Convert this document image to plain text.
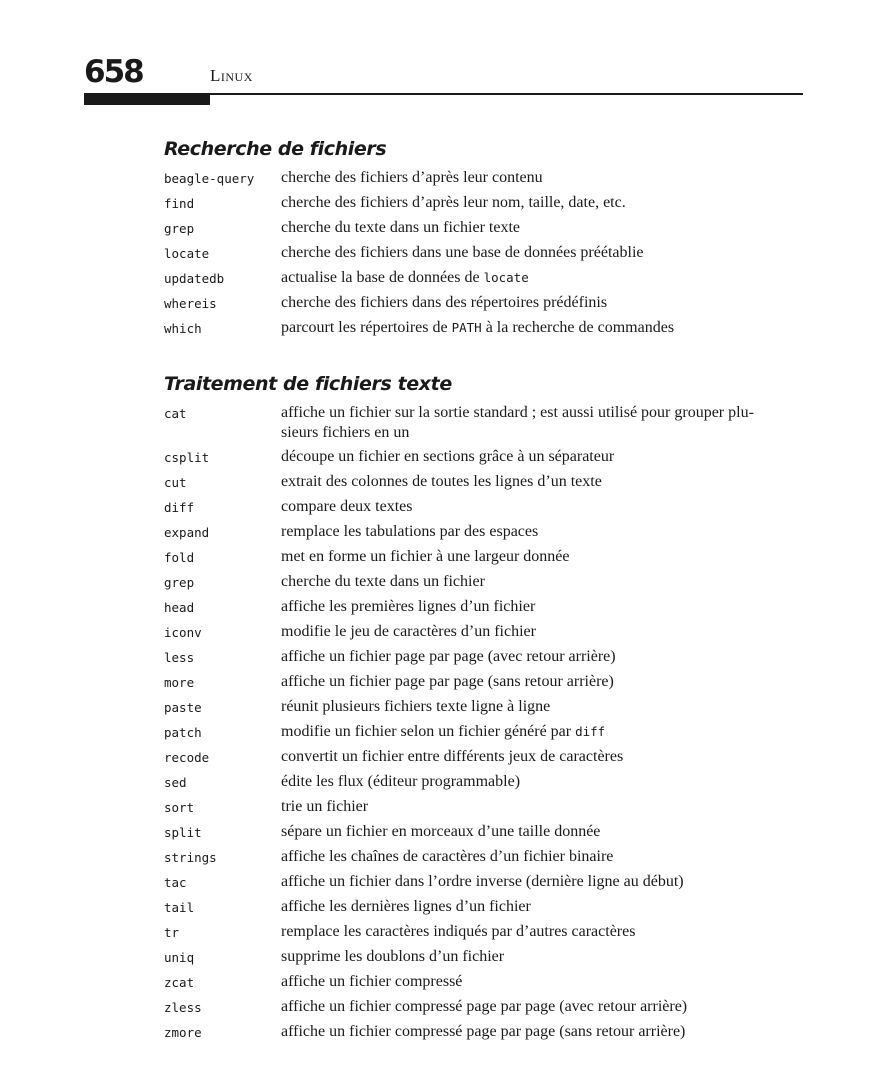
658	Linux
Recherche de fichiers
beagle-query	cherche des fichiers d’après leur contenu
find	cherche des fichiers d’après leur nom, taille, date, etc.
grep	cherche du texte dans un fichier texte
locate	cherche des fichiers dans une base de données préétablie
updatedb	actualise la base de données de locate
whereis	cherche des fichiers dans des répertoires prédéfinis
which	parcourt les répertoires de PATH à la recherche de commandes
Traitement de fichiers texte
cat	affiche un fichier sur la sortie standard ; est aussi utilisé pour grouper plu-
sieurs fichiers en un
csplit	découpe un fichier en sections grâce à un séparateur
cut	extrait des colonnes de toutes les lignes d’un texte
diff	compare deux textes
expand	remplace les tabulations par des espaces
fold	met en forme un fichier à une largeur donnée
grep	cherche du texte dans un fichier
head	affiche les premières lignes d’un fichier
iconv	modifie le jeu de caractères d’un fichier
less	affiche un fichier page par page (avec retour arrière)
more	affiche un fichier page par page (sans retour arrière)
paste	réunit plusieurs fichiers texte ligne à ligne
patch	modifie un fichier selon un fichier généré par diff
recode	convertit un fichier entre différents jeux de caractères
sed	édite les flux (éditeur programmable)
sort	trie un fichier
split	sépare un fichier en morceaux d’une taille donnée
strings	affiche les chaînes de caractères d’un fichier binaire
tac	affiche un fichier dans l’ordre inverse (dernière ligne au début)
tail	affiche les dernières lignes d’un fichier
tr	remplace les caractères indiqués par d’autres caractères
uniq	supprime les doublons d’un fichier
zcat	affiche un fichier compressé
zless	affiche un fichier compressé page par page (avec retour arrière)
zmore	affiche un fichier compressé page par page (sans retour arrière)
